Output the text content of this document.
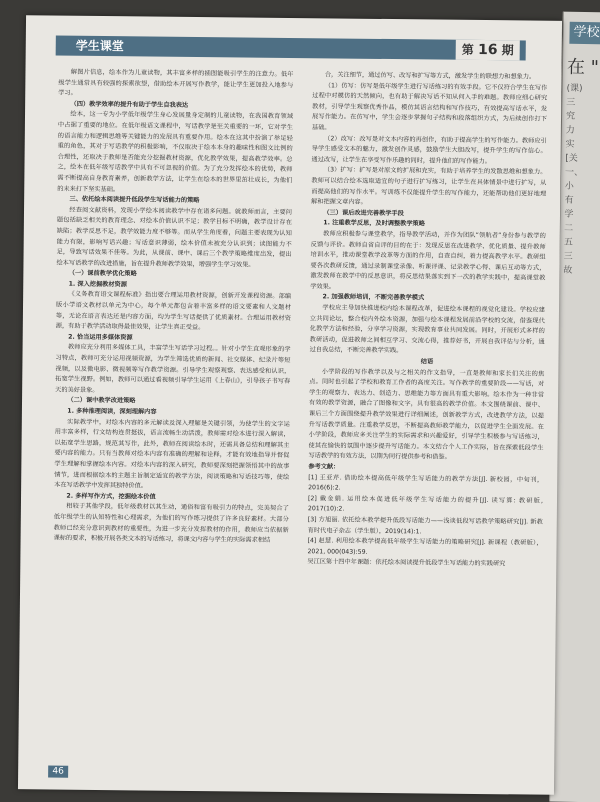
学校
在 "
(课)
三
究
力
实
[关
一、
小
有
学
二
五
三
故
学生课堂	第 16 期

解图片信息，绘本作为儿童读物，其丰富多样的插图能吸引学生的注意力。低年级学生通常具有较强的探索欲望，借助绘本开展写作教学，能让学生更加投入地参与学习。

（四）教学效率的提升有助于学生自我表达

绘本，这一专为小学低年级学生身心发展量身定制的儿童读物，在我国教育领域中占据了重要的地位。在低年级语文课程中，写话教学是至关重要的一环，它对学生的语言能力和逻辑思维等关键能力的发展具有重要作用。绘本在这其中扮演了举足轻重的角色，其对于写话教学的积极影响，不仅取决于绘本本身的趣味性和图文比例的合理性，还取决于教师是否能充分挖掘教材资源，优化教学效果，提高教学效率。总之，绘本在低年级写话教学中具有不可忽视的价值。为了充分发挥绘本的优势，教师需不断提高自身教育素养，创新教学方法，让学生在绘本的世界里茁壮成长，为他们的未来打下坚实基础。

三、依托绘本阅读提升低段学生写话能力的策略

经查阅文献资料，发现小学绘本阅读教学中存在诸多问题。就教师而言，主要问题包括缺乏相关的教育理念、对绘本价值认识不足；教学目标不明确，教学设计存在缺陷；教学反思不足，教学效能力度不够等。而从学生角度看，问题主要表现为认知能力有限，影响写话兴趣；写话意识薄弱，绘本价值未被充分认识到；读图能力不足，导致写话效果不佳等。为此，从课前、课中、课后三个教学策略维度出发，提出绘本写话教学的改进措施，旨在提升教师教学效果，增强学生学习效果。

（一）课前教学优化策略

1. 深入挖掘教材资源

《义务教育语文课程标准》指出要合理运用教材资源，创新开发课程资源。部编版小学语文教材以单元为中心，每个单元都包含着丰富多样的语文要素和人文题材等，无论在语言表达还是内容方面，均为学生写话提供了优质素材。合理运用教材资源，有助于教学活动取得最佳效果，让学生真正受益。

2. 恰当运用多媒体资源

教师应充分利用多媒体工具，丰富学生写话学习过程。。针对小学生直观形象的学习特点，教师可充分运用视频资源，为学生筛选优质的新闻、社交媒体、纪录片等短视频，以及微电影、微视频等写作教学资源。引导学生观察观察、表达感受和认识，拓宽学生视野。例如，教师可以通过看视频引导学生运用《上春山》，引导孩子书写春天的美好景象。

（二）课中教学改进策略

1. 多种推理阅读，深刻理解内容

实际教学中，对绘本内容的多元解读及深入理解是关键引领，为使学生的文字运用丰富多样，行文结构连贯挺拔，语言流畅生动活泼，教师需对绘本进行深入解读，以拓宽学生思路，规范其写作，此外，教师在阅读绘本时，还需具备总结和理解其主要内容的能力。只有当教师对绘本内容有准确的理解和诠释，才能有效地指导并督促学生理解和掌握绘本内容。对绘本内容的深入研究，教师要深刻把握领悟其中的故事情节，进而根据绘本的主题主旨制定适宜的教学方法，阅读策略和写话技巧等，使绘本在写话教学中发挥其独特价值。

2. 多样写作方式，挖掘绘本价值

相较于其他学段，低年级教材以其生动，通俗和富有吸引力的特点，完美契合了低年级学生的认知特性和心理需求，为他们的写作练习提供了许多良好素材。大部分教师已经充分意识到教材的重要性，为进一步充分发挥教材的作用，教师应当依据新课标的要求，积极开展各类文本的写话练习，将课文内容与学生的实际需求相结

合，关注细节，通过仿写、改写和扩写等方式，激发学生的联想力和想象力。

（1）仿写：仿写是低年级学生进行写话练习的有效手段。它不仅符合学生在写作过程中对模仿的天然倾向，也有助于解决写话不知从何入手的难题。教师应细心研究教材，引导学生观察优秀作品，模仿其语言结构和写作技巧，有效提高写话水平，发展写作能力。在仿写中，学生会逐步掌握句子结构和段落组织方式，为后续创作打下基础。

（2）改写：改写是对文本内容的再创作，有助于提高学生的写作能力。教师应引导学生感受文本的魅力，激发创作灵感，鼓励学生大胆改写，提升学生的写作信心。通过改写，让学生在享受写作乐趣的同时，提升他们的写作能力。

（3）扩写：扩写是对原文的扩展和充实，有助于培养学生的发散思维和想象力。教师可以结合绘本选取适宜的句子进行扩写练习，让学生在具体情景中进行扩写，从而提高他们的写作水平。写训练不仅能提升学生的写作能力，还能帮助他们更好地理解和把握文章内容。

（三）课后改进完善教学手段

1. 注重教学反思，及时调整教学策略

教师应积极参与课堂教学，指导教学活动，并作为团队“领航者”身份参与教学的反馈与评价。教师自省自评的目的在于：发现反思在改进教学、优化质量、提升教师培训水平，推动课堂教学改革等方面的作用，自查自纠，着力提高教学水平。教研组要各次教研反馈，通过录制课堂录像、听课评课、记录教学心得、课后互动等方式，激发教师在教学中的反思意识，将反思结果落实到下一次的教学实践中，提高课堂教学效果。

2. 加强教师培训，不断完善教学模式

学校应主导加快推进校内绘本课程改革，促进绘本课程的视觉化建设。学校应建立共同论坛，整合校内外绘本资源，加强与绘本课程发展前沿学校的交流，借鉴现代化教学方法和经验，分享学习资源，实现教育事业共同发展。同时，开展形式多样的教研活动，促进教师之间相互学习、交流心得，推荐好书，开展自我评估与分析，通过自我总结，不断完善教学实践。

结语

小学阶段的写作教学以及与之相关的作文指导，一直是教师和家长们关注的焦点。同时也引起了学校和教育工作者的高度关注。写作教学的重要阶段——写话，对学生的观察力、表达力、创造力、思维能力等方面具有重大影响。绘本作为一种非常有效的教学资源，融合了图像和文字，具有很高的教学价值。本文围绕课前、课中、课后三个方面围绕提升教学效果进行详细阐述，创新教学方式，改进教学方法，以提升写话教学质量。注重教学反思，不断提高教师教学能力，以促进学生全面发展。在小学阶段，教师应多关注学生的实际需求和兴趣爱好，引导学生积极参与写话练习，使其在愉快的氛围中逐步提升写话能力。本文结合个人工作实际，旨在探索低段学生写话教学的有效方法，以期为同行提供参考和借鉴。

参考文献：

[1] 王亚芹. 借助绘本提高低年级学生写话能力的教学方法[J]. 新校园，中旬刊，2016(6):2.

[2] 戴金娟. 运用绘本促进低年级学生写话能力的提升[J]. 读写算: 教研版, 2017(10):2.

[3] 方旭丽. 依托绘本教学提升低段写话能力——浅谈低段写话教学策略研究[J]. 新教育时代电子杂志（学生版），2019(14):1.

[4] 赵慧. 利用绘本教学提高低年级学生写话能力的策略研究[J]. 新课程（教研版），2021, 000(043):59.

吴江区第十四中年课题：依托绘本阅读提升低段学生写话能力的实践研究

46
